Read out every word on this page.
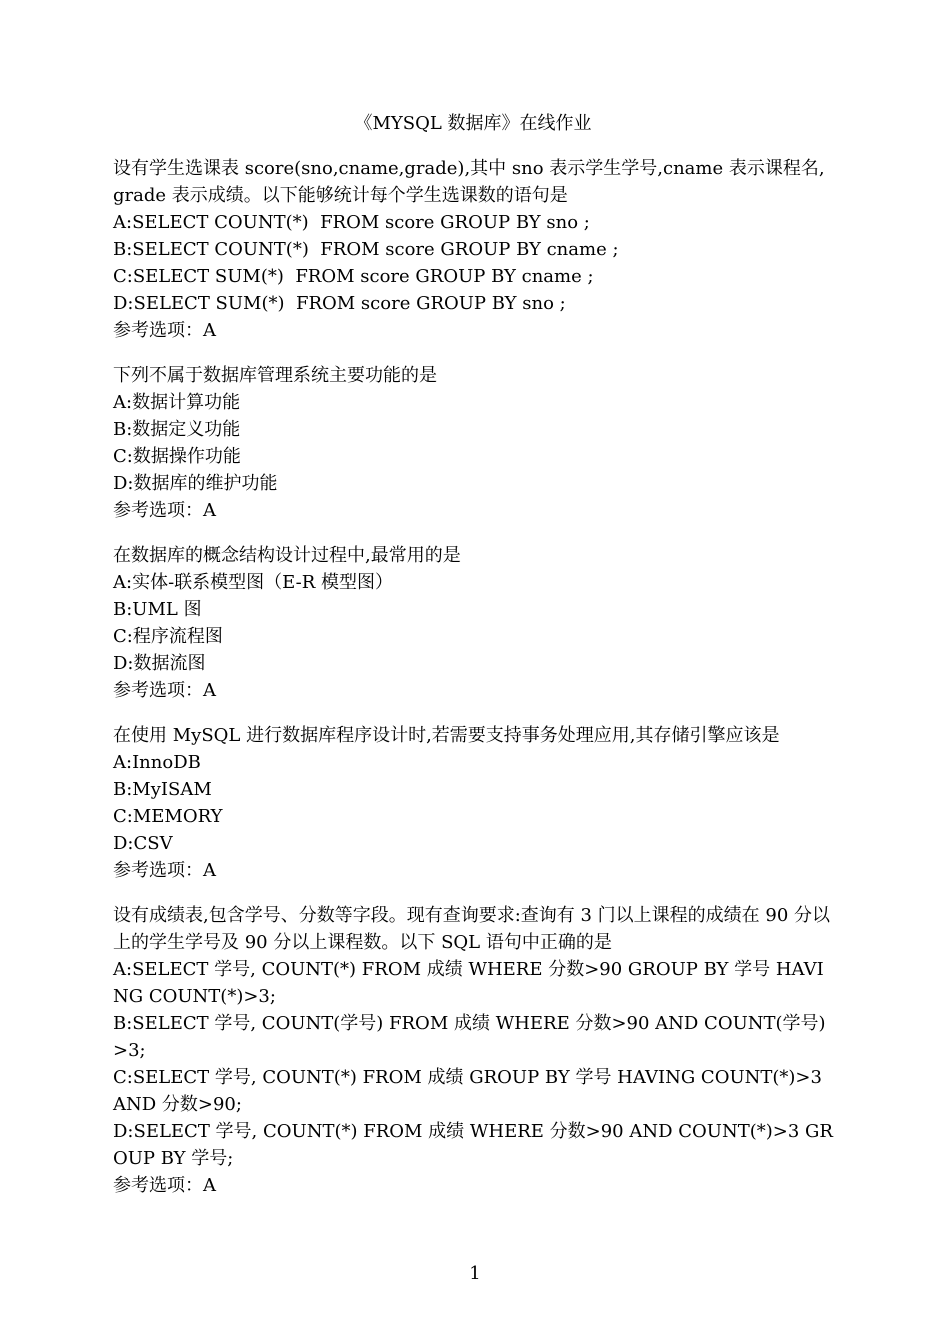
《MYSQL 数据库》在线作业
设有学生选课表 score(sno,cname,grade),其中 sno 表示学生学号,cname 表示课程名,grade 表示成绩。以下能够统计每个学生选课数的语句是
A:SELECT COUNT(*)  FROM score GROUP BY sno ;
B:SELECT COUNT(*)  FROM score GROUP BY cname ;
C:SELECT SUM(*)  FROM score GROUP BY cname ;
D:SELECT SUM(*)  FROM score GROUP BY sno ;
参考选项：A
下列不属于数据库管理系统主要功能的是
A:数据计算功能
B:数据定义功能
C:数据操作功能
D:数据库的维护功能
参考选项：A
在数据库的概念结构设计过程中,最常用的是
A:实体-联系模型图（E-R 模型图）
B:UML 图
C:程序流程图
D:数据流图
参考选项：A
在使用 MySQL 进行数据库程序设计时,若需要支持事务处理应用,其存储引擎应该是
A:InnoDB
B:MyISAM
C:MEMORY
D:CSV
参考选项：A
设有成绩表,包含学号、分数等字段。现有查询要求:查询有 3 门以上课程的成绩在 90 分以上的学生学号及 90 分以上课程数。以下 SQL 语句中正确的是
A:SELECT 学号, COUNT(*) FROM 成绩 WHERE 分数>90 GROUP BY 学号 HAVING COUNT(*)>3;
B:SELECT 学号, COUNT(学号) FROM 成绩 WHERE 分数>90 AND COUNT(学号)>3;
C:SELECT 学号, COUNT(*) FROM 成绩 GROUP BY 学号 HAVING COUNT(*)>3 AND 分数>90;
D:SELECT 学号, COUNT(*) FROM 成绩 WHERE 分数>90 AND COUNT(*)>3 GROUP BY 学号;
参考选项：A
1
